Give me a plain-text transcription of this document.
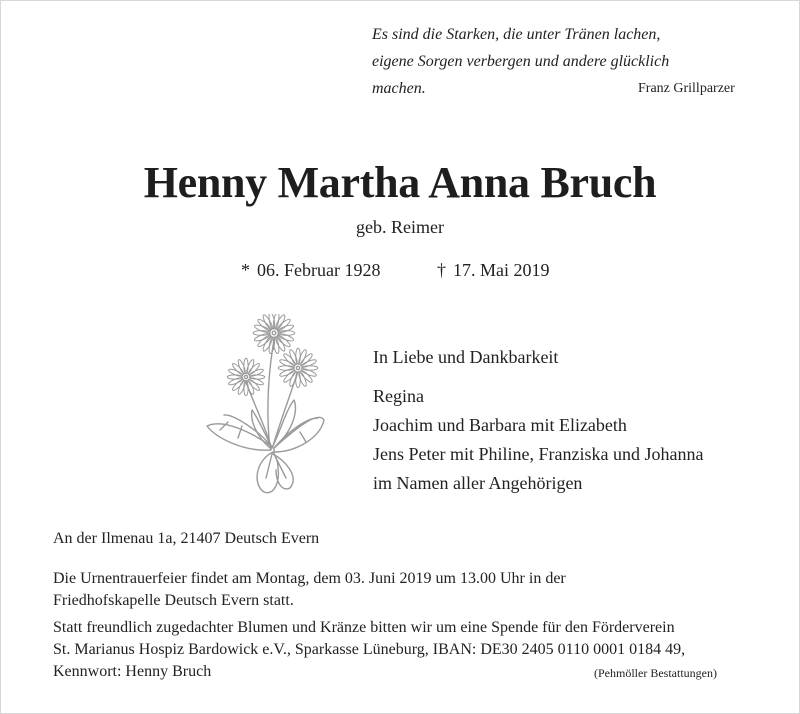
Es sind die Starken, die unter Tränen lachen,
eigene Sorgen verbergen und andere glücklich
machen.	Franz Grillparzer
Henny Martha Anna Bruch
geb. Reimer
* 06. Februar 1928	† 17. Mai 2019
In Liebe und Dankbarkeit
Regina
Joachim und Barbara mit Elizabeth
Jens Peter mit Philine, Franziska und Johanna
im Namen aller Angehörigen
An der Ilmenau 1a, 21407 Deutsch Evern
Die Urnentrauerfeier findet am Montag, dem 03. Juni 2019 um 13.00 Uhr in der
Friedhofskapelle Deutsch Evern statt.
Statt freundlich zugedachter Blumen und Kränze bitten wir um eine Spende für den Förderverein
St. Marianus Hospiz Bardowick e.V., Sparkasse Lüneburg, IBAN: DE30 2405 0110 0001 0184 49,
Kennwort: Henny Bruch	(Pehmöller Bestattungen)
